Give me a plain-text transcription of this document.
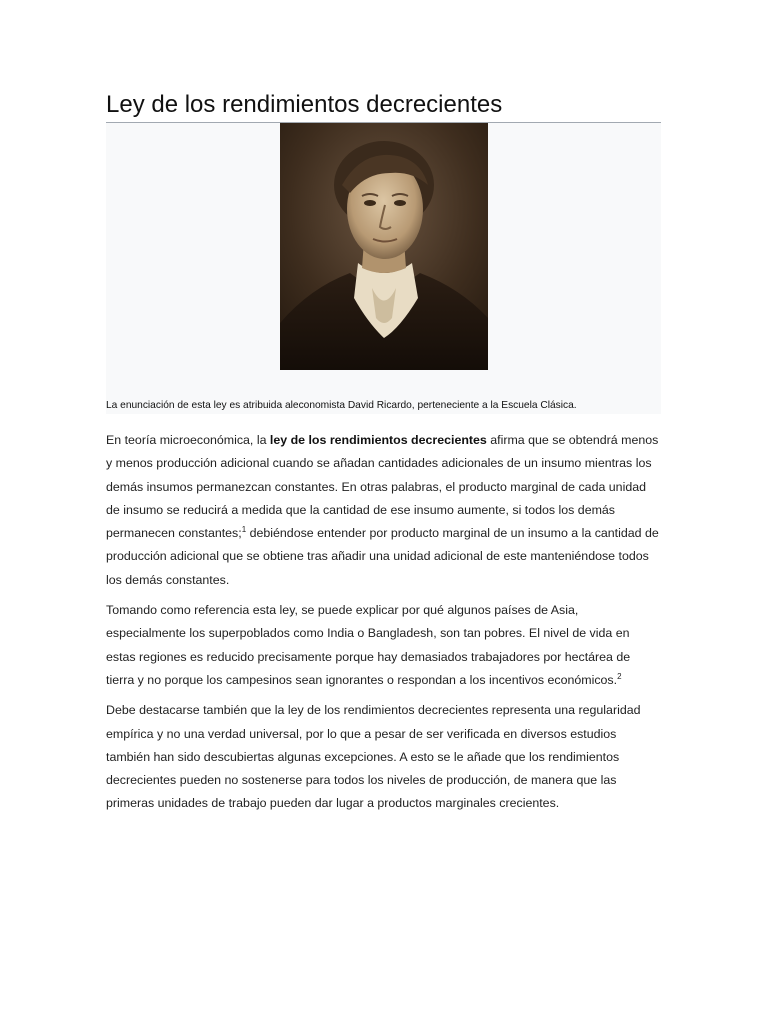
Ley de los rendimientos decrecientes
La enunciación de esta ley es atribuida aleconomista David Ricardo, perteneciente a la Escuela Clásica.

En teoría microeconómica, la ley de los rendimientos decrecientes afirma que se obtendrá menos y menos producción adicional cuando se añadan cantidades adicionales de un insumo mientras los demás insumos permanezcan constantes. En otras palabras, el producto marginal de cada unidad de insumo se reducirá a medida que la cantidad de ese insumo aumente, si todos los demás permanecen constantes;$^1$ debiéndose entender por producto marginal de un insumo a la cantidad de producción adicional que se obtiene tras añadir una unidad adicional de este manteniéndose todos los demás constantes.

Tomando como referencia esta ley, se puede explicar por qué algunos países de Asia, especialmente los superpoblados como India o Bangladesh, son tan pobres. El nivel de vida en estas regiones es reducido precisamente porque hay demasiados trabajadores por hectárea de tierra y no porque los campesinos sean ignorantes o respondan a los incentivos económicos.$^2$

Debe destacarse también que la ley de los rendimientos decrecientes representa una regularidad empírica y no una verdad universal, por lo que a pesar de ser verificada en diversos estudios también han sido descubiertas algunas excepciones. A esto se le añade que los rendimientos decrecientes pueden no sostenerse para todos los niveles de producción, de manera que las primeras unidades de trabajo pueden dar lugar a productos marginales crecientes.
